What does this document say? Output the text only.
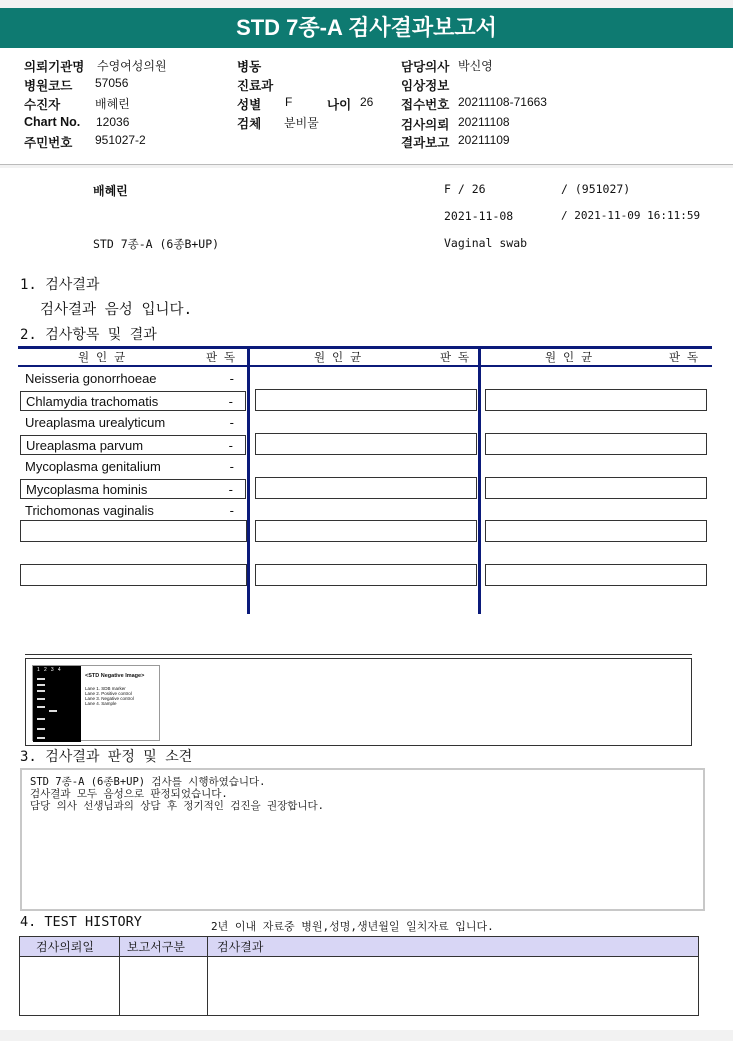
STD 7종-A 검사결과보고서
의뢰기관명 수영여성의원
병원코드 57056
수진자	배혜린
Chart No. 12036
주민번호 951027-2
병동
진료과
성별 F	나이 26
검체 분비물
담당의사 박신영
임상정보
접수번호 20211108-71663
검사의뢰 20211108
결과보고 20211109
배혜린	F / 26	/ (951027)
2021-11-08	/ 2021-11-09 16:11:59
STD 7종-A (6종B+UP)	Vaginal swab
1. 검사결과
검사결과 음성 입니다.
2. 검사항목 및 결과
원 인 균	판 독	원 인 균	판 독	원 인 균	판 독
Neisseria gonorrhoeae	-
Chlamydia trachomatis	-
Ureaplasma urealyticum	-
Ureaplasma parvum	-
Mycoplasma genitalium	-
Mycoplasma hominis	-
Trichomonas vaginalis	-
1   2   3   4
<STD Negative Image>
Lane 1. SDB marker
Lane 2. Positive control
Lane 3. Negative control
Lane 4. Sample
3. 검사결과 판정 및 소견
STD 7종-A (6종B+UP) 검사를 시행하였습니다.
검사결과 모두 음성으로 판정되었습니다.
담당 의사 선생님과의 상담 후 정기적인 검진을 권장합니다.
4. TEST HISTORY	2년 이내 자료중 병원,성명,생년월일 일치자료 입니다.
검사의뢰일	보고서구분	검사결과
